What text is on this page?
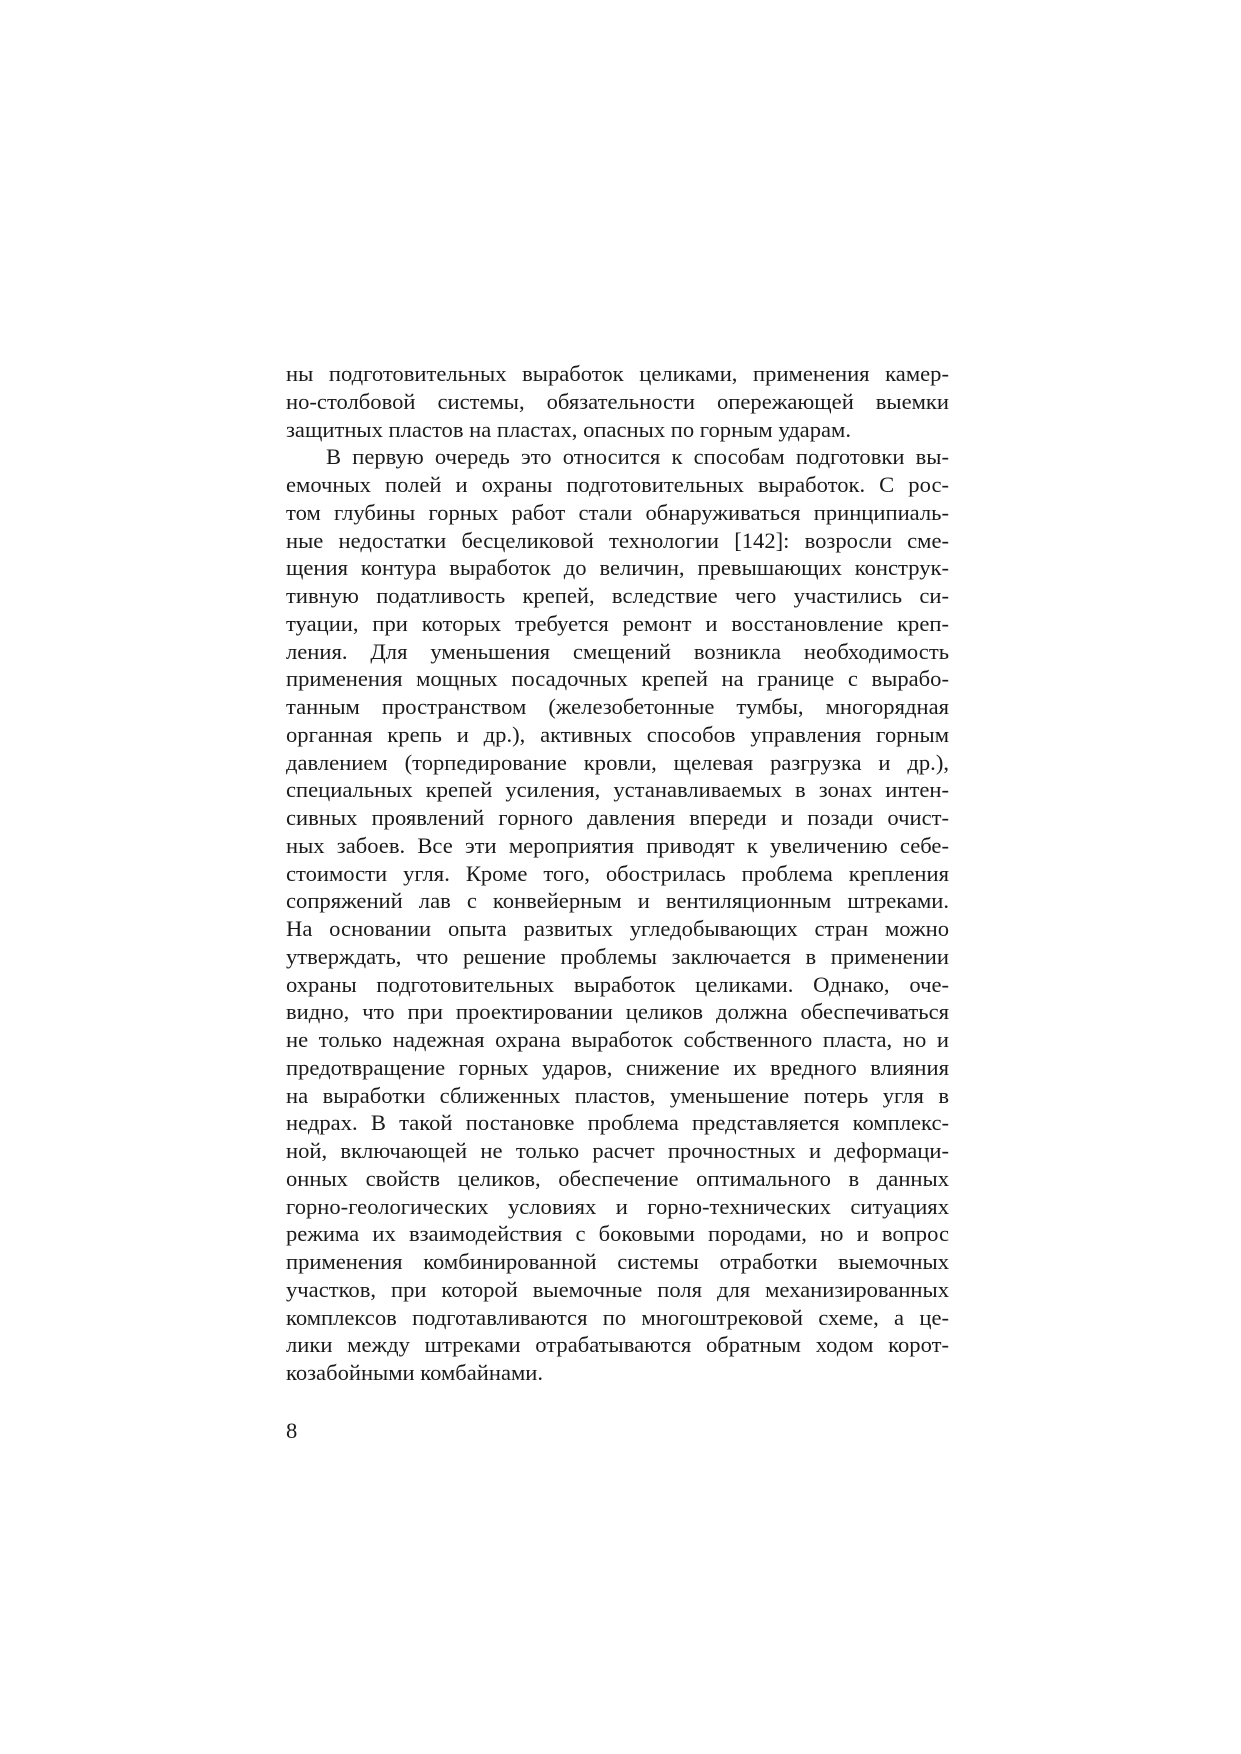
ны подготовительных выработок целиками, применения камер-
но-столбовой системы, обязательности опережающей выемки
защитных пластов на пластах, опасных по горным ударам.

В первую очередь это относится к способам подготовки вы-
емочных полей и охраны подготовительных выработок. С рос-
том глубины горных работ стали обнаруживаться принципиаль-
ные недостатки бесцеликовой технологии [142]: возросли сме-
щения контура выработок до величин, превышающих конструк-
тивную податливость крепей, вследствие чего участились си-
туации, при которых требуется ремонт и восстановление креп-
ления. Для уменьшения смещений возникла необходимость
применения мощных посадочных крепей на границе с вырабо-
танным пространством (железобетонные тумбы, многорядная
органная крепь и др.), активных способов управления горным
давлением (торпедирование кровли, щелевая разгрузка и др.),
специальных крепей усиления, устанавливаемых в зонах интен-
сивных проявлений горного давления впереди и позади очист-
ных забоев. Все эти мероприятия приводят к увеличению себе-
стоимости угля. Кроме того, обострилась проблема крепления
сопряжений лав с конвейерным и вентиляционным штреками.
На основании опыта развитых угледобывающих стран можно
утверждать, что решение проблемы заключается в применении
охраны подготовительных выработок целиками. Однако, оче-
видно, что при проектировании целиков должна обеспечиваться
не только надежная охрана выработок собственного пласта, но и
предотвращение горных ударов, снижение их вредного влияния
на выработки сближенных пластов, уменьшение потерь угля в
недрах. В такой постановке проблема представляется комплекс-
ной, включающей не только расчет прочностных и деформаци-
онных свойств целиков, обеспечение оптимального в данных
горно-геологических условиях и горно-технических ситуациях
режима их взаимодействия с боковыми породами, но и вопрос
применения комбинированной системы отработки выемочных
участков, при которой выемочные поля для механизированных
комплексов подготавливаются по многоштрековой схеме, а це-
лики между штреками отрабатываются обратным ходом корот-
козабойными комбайнами.

8
